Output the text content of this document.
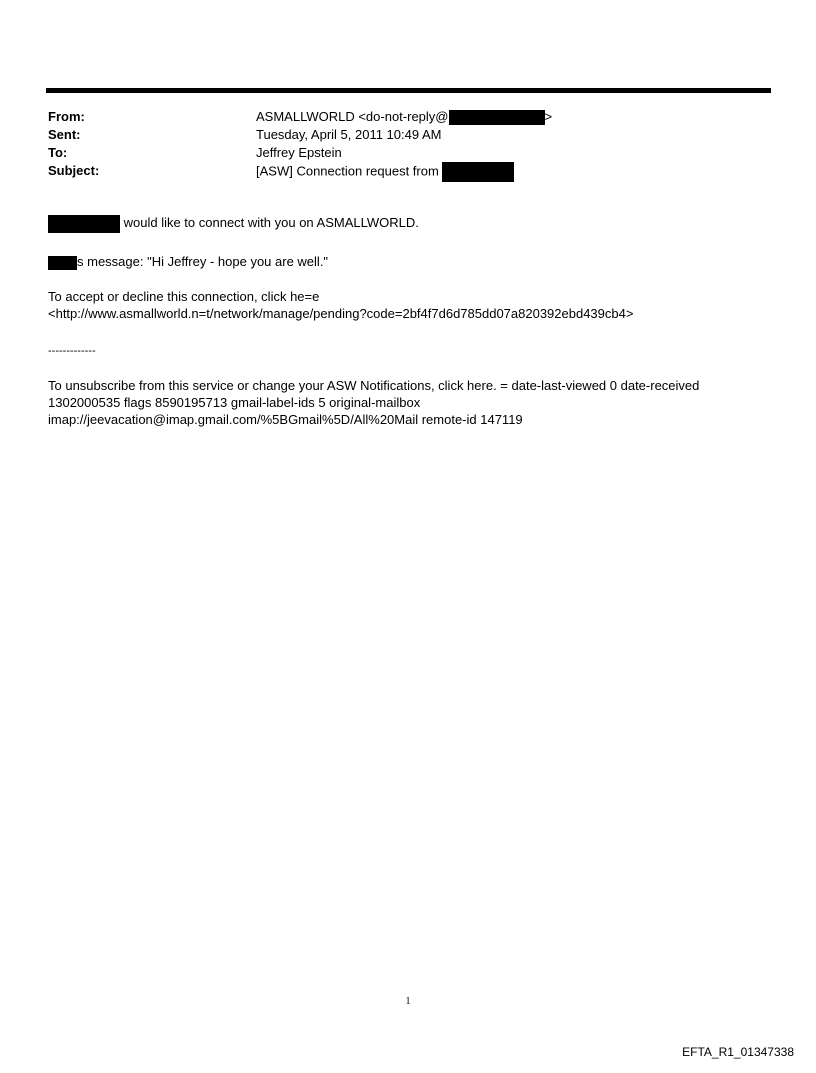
From:	ASMALLWORLD <do-not-reply@	>
Sent:	Tuesday, April 5, 2011 10:49 AM
To:	Jeffrey Epstein
Subject:	[ASW] Connection request from
would like to connect with you on ASMALLWORLD.
s message: "Hi Jeffrey - hope you are well."
To accept or decline this connection, click he=e
<http://www.asmallworld.n=t/network/manage/pending?code=2bf4f7d6d785dd07a820392ebd439cb4>
-------------
To unsubscribe from this service or change your ASW Notifications, click here. = date-last-viewed 0 date-received
1302000535 flags 8590195713 gmail-label-ids 5 original-mailbox
imap://jeevacation@imap.gmail.com/%5BGmail%5D/All%20Mail remote-id 147119
1
EFTA_R1_01347338
